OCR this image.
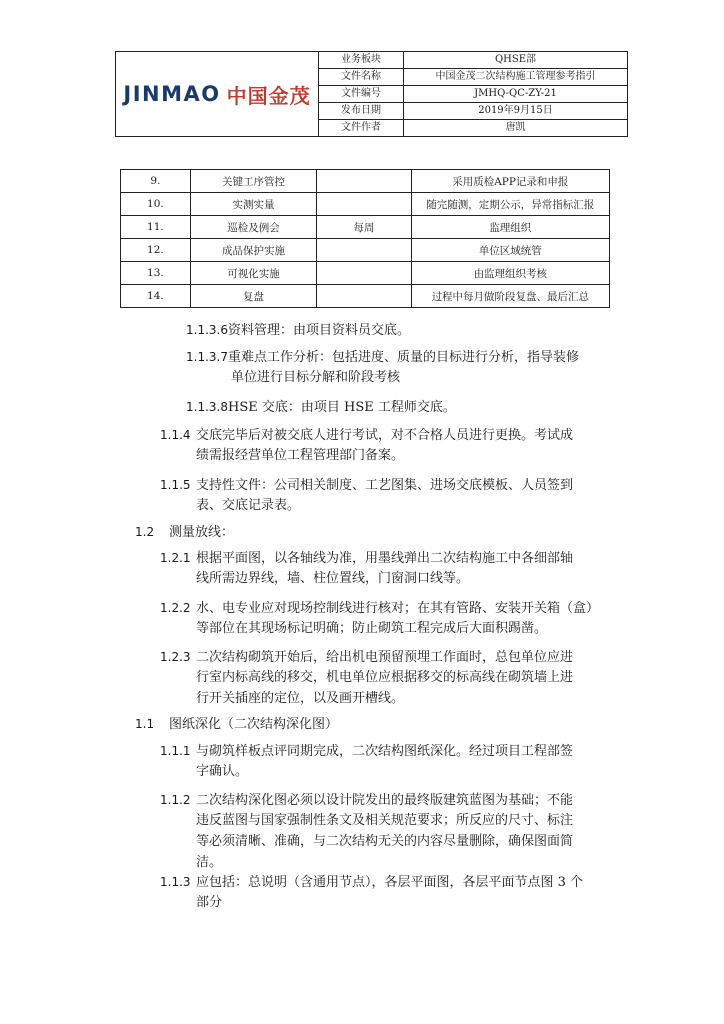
JINMAO 中国金茂
业务板块	QHSE部
文件名称	中国金茂二次结构施工管理参考指引
文件编号	JMHQ-QC-ZY-21
发布日期	2019年9月15日
文件作者	唐凯
9.	关键工序管控		采用质检APP记录和申报
10.	实测实量		随完随测，定期公示，异常指标汇报
11.	巡检及例会	每周	监理组织
12.	成品保护实施		单位区域统管
13.	可视化实施		由监理组织考核
14.	复盘		过程中每月做阶段复盘、最后汇总
1.1.3.6资料管理：由项目资料员交底。
1.1.3.7重难点工作分析：包括进度、质量的目标进行分析，指导装修
单位进行目标分解和阶段考核
1.1.3.8HSE 交底：由项目 HSE 工程师交底。
1.1.4 交底完毕后对被交底人进行考试，对不合格人员进行更换。考试成
绩需报经营单位工程管理部门备案。
1.1.5 支持性文件：公司相关制度、工艺图集、进场交底模板、人员签到
表、交底记录表。
1.2 测量放线：
1.2.1 根据平面图，以各轴线为准，用墨线弹出二次结构施工中各细部轴
线所需边界线，墙、柱位置线，门窗洞口线等。
1.2.2 水、电专业应对现场控制线进行核对；在其有管路、安装开关箱（盒）
等部位在其现场标记明确；防止砌筑工程完成后大面积踢凿。
1.2.3 二次结构砌筑开始后，给出机电预留预埋工作面时，总包单位应进
行室内标高线的移交，机电单位应根据移交的标高线在砌筑墙上进
行开关插座的定位，以及画开槽线。
1.1 图纸深化（二次结构深化图）
1.1.1 与砌筑样板点评同期完成，二次结构图纸深化。经过项目工程部签
字确认。
1.1.2 二次结构深化图必须以设计院发出的最终版建筑蓝图为基础；不能
违反蓝图与国家强制性条文及相关规范要求；所反应的尺寸、标注
等必须清晰、准确，与二次结构无关的内容尽量删除，确保图面简
洁。
1.1.3 应包括：总说明（含通用节点），各层平面图，各层平面节点图 3 个
部分
